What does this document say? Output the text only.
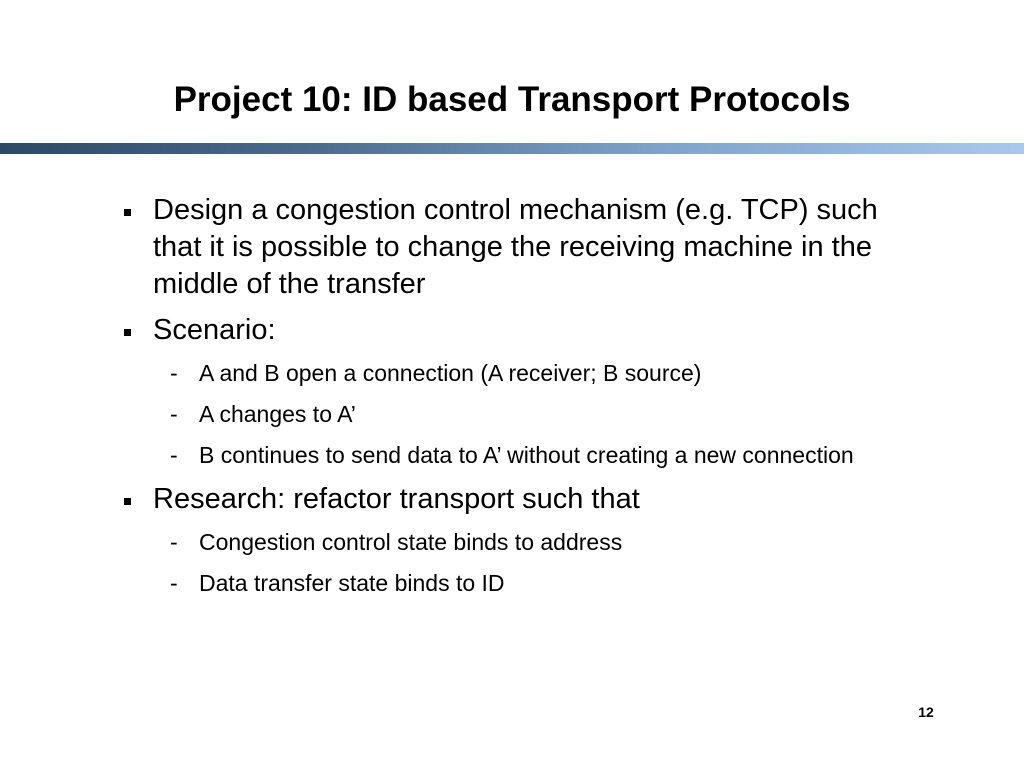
Project 10: ID based Transport Protocols
Design a congestion control mechanism (e.g. TCP) such that it is possible to change the receiving machine in the middle of the transfer
Scenario:
- A and B open a connection (A receiver; B source)
- A changes to A’
- B continues to send data to A’ without creating a new connection
Research: refactor transport such that
- Congestion control state binds to address
- Data transfer state binds to ID
12
